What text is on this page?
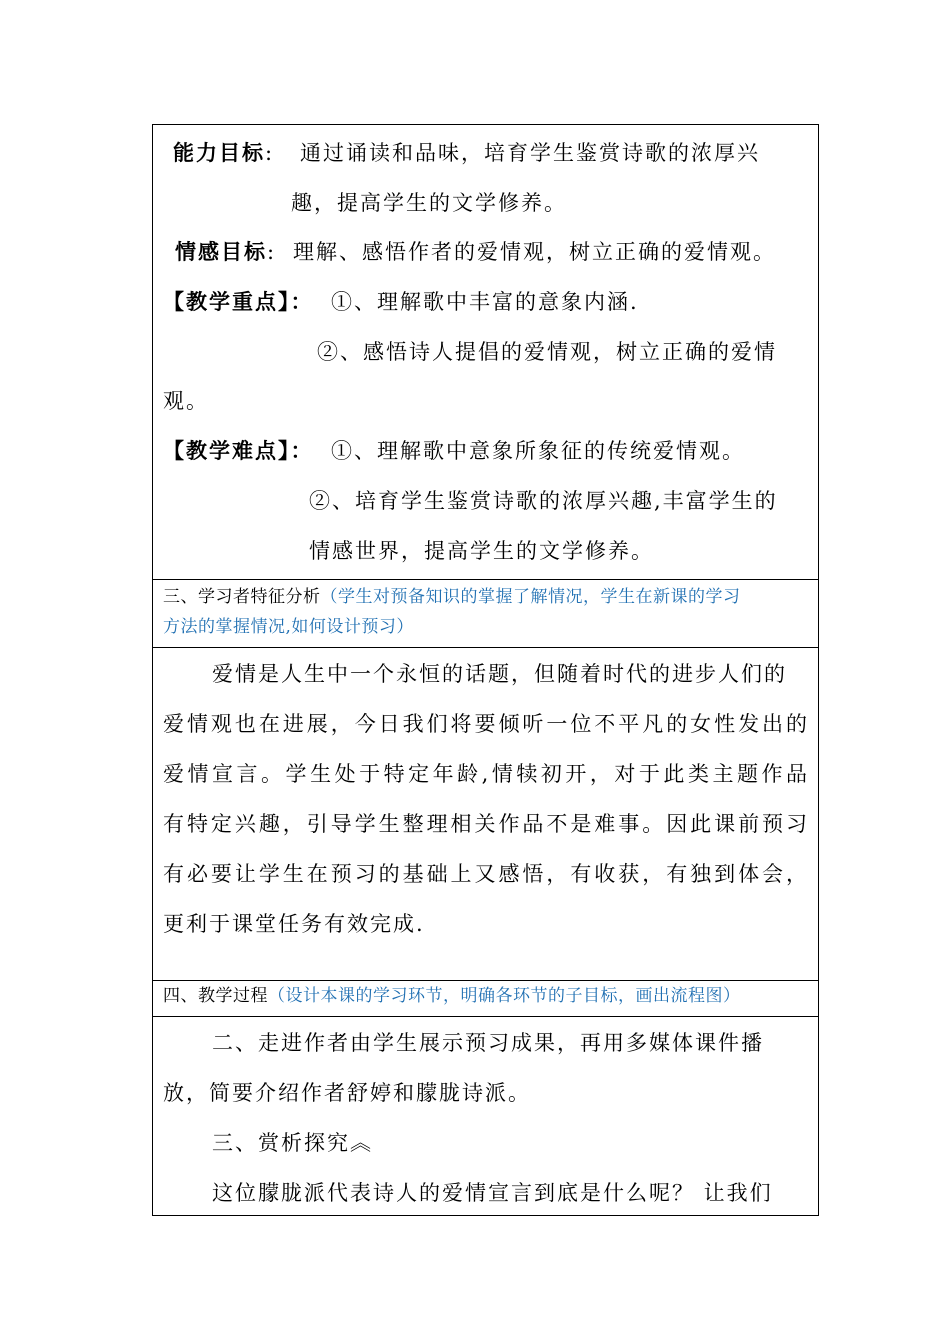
能力目标: 通过诵读和品味，培育学生鉴赏诗歌的浓厚兴
趣，提高学生的文学修养。
情感目标: 理解、感悟作者的爱情观，树立正确的爱情观。
【教学重点】： ①、理解歌中丰富的意象内涵.
②、感悟诗人提倡的爱情观，树立正确的爱情
观。
【教学难点】： ①、理解歌中意象所象征的传统爱情观。
②、培育学生鉴赏诗歌的浓厚兴趣,丰富学生的
情感世界，提高学生的文学修养。
三、学习者特征分析（学生对预备知识的掌握了解情况，学生在新课的学习
方法的掌握情况,如何设计预习）
爱情是人生中一个永恒的话题，但随着时代的进步人们的
爱情观也在进展，今日我们将要倾听一位不平凡的女性发出的
爱情宣言。学生处于特定年龄,情犊初开，对于此类主题作品
有特定兴趣，引导学生整理相关作品不是难事。因此课前预习
有必要让学生在预习的基础上又感悟，有收获，有独到体会，
更利于课堂任务有效完成.
四、教学过程（设计本课的学习环节，明确各环节的子目标，画出流程图）
二、走进作者由学生展示预习成果，再用多媒体课件播
放，简要介绍作者舒婷和朦胧诗派。
三、赏析探究︽
这位朦胧派代表诗人的爱情宣言到底是什么呢？ 让我们
